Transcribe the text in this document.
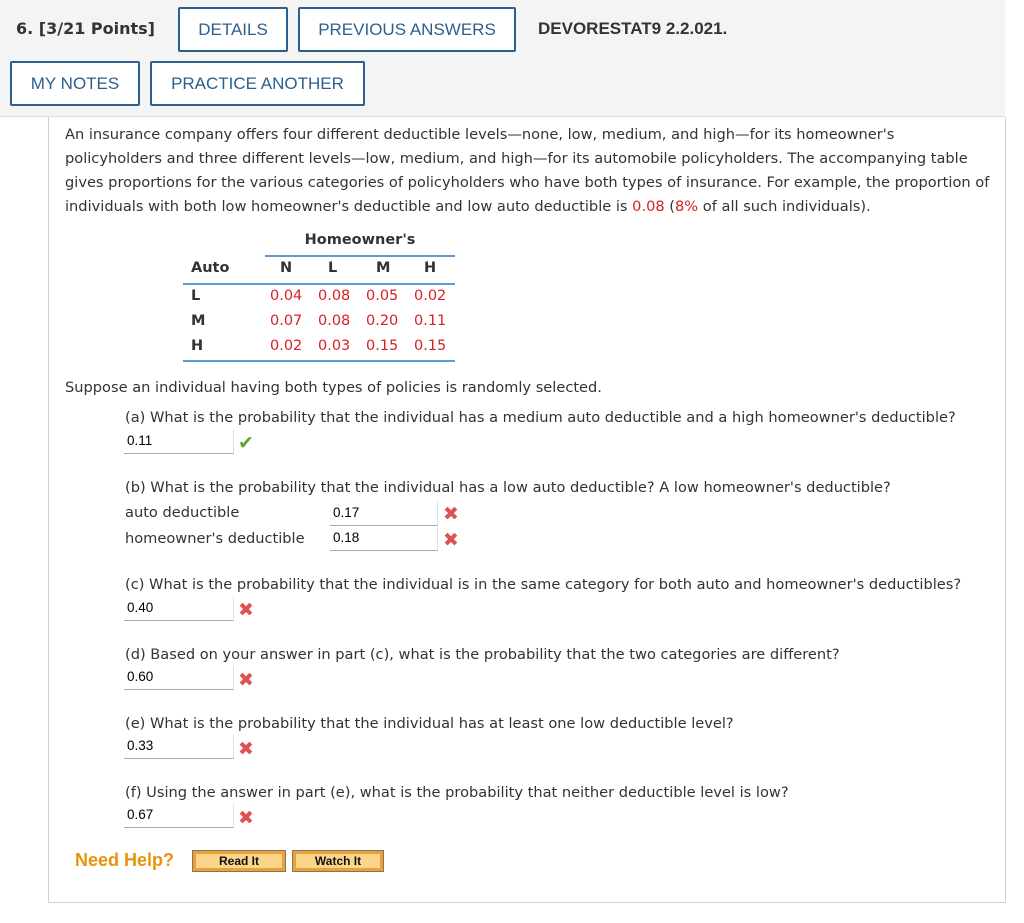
6. [3/21 Points]	DETAILS	PREVIOUS ANSWERS	DEVORESTAT9 2.2.021.
MY NOTES	PRACTICE ANOTHER
An insurance company offers four different deductible levels—none, low, medium, and high—for its homeowner's policyholders and three different levels—low, medium, and high—for its automobile policyholders. The accompanying table gives proportions for the various categories of policyholders who have both types of insurance. For example, the proportion of individuals with both low homeowner's deductible and low auto deductible is 0.08 (8% of all such individuals).
Homeowner's
Auto	N L	M H
L	0.04 0.08 0.05 0.02
M	0.07 0.08 0.20 0.11
H	0.02 0.03 0.15 0.15
Suppose an individual having both types of policies is randomly selected.
(a) What is the probability that the individual has a medium auto deductible and a high homeowner's deductible?
0.11	✔
(b) What is the probability that the individual has a low auto deductible? A low homeowner's deductible?
auto deductible	0.17	✖
homeowner's deductible 0.18	✖
(c) What is the probability that the individual is in the same category for both auto and homeowner's deductibles?
0.40	✖
(d) Based on your answer in part (c), what is the probability that the two categories are different?
0.60	✖
(e) What is the probability that the individual has at least one low deductible level?
0.33	✖
(f) Using the answer in part (e), what is the probability that neither deductible level is low?
0.67	✖
Need Help?	Read It	Watch It
